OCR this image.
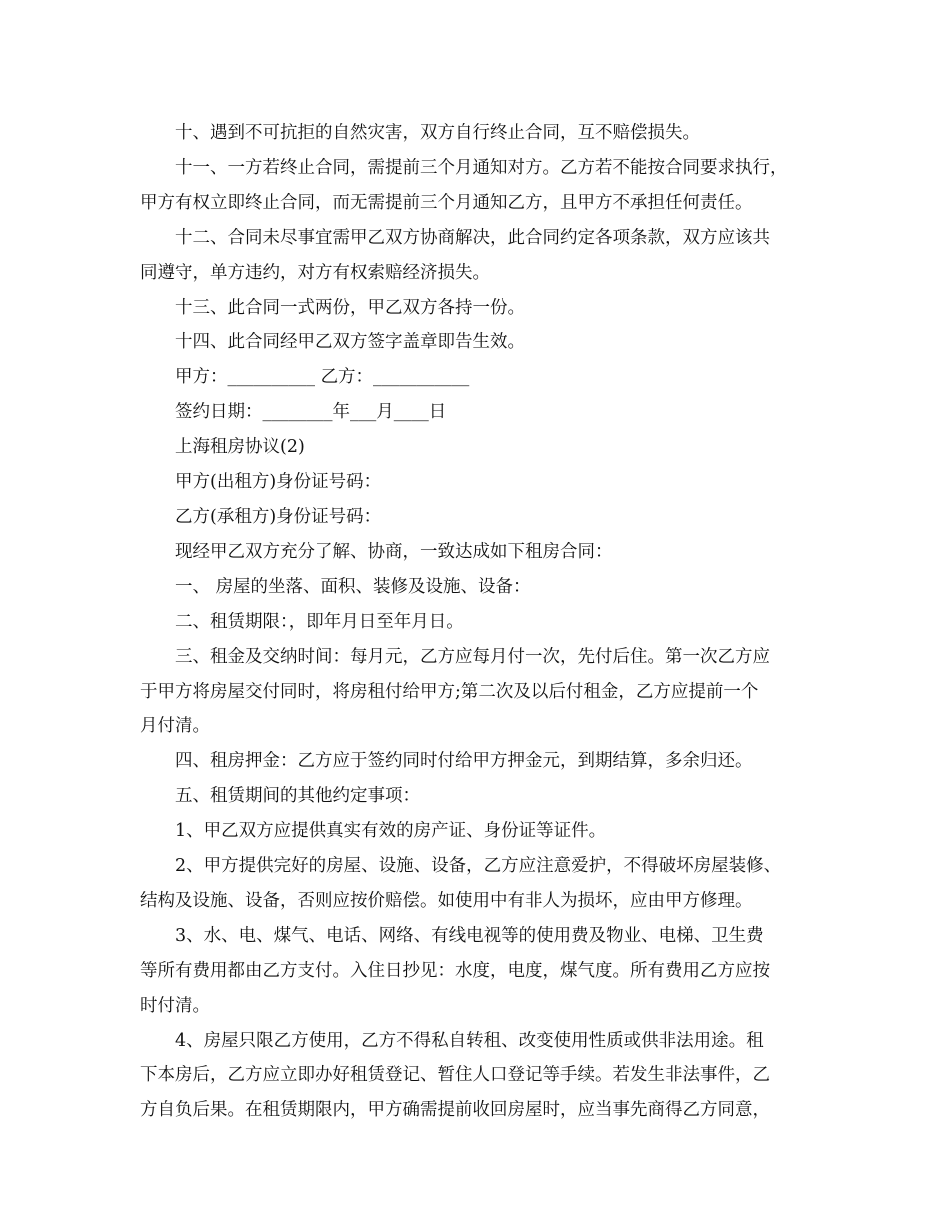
十、遇到不可抗拒的自然灾害，双方自行终止合同，互不赔偿损失。

十一、一方若终止合同，需提前三个月通知对方。乙方若不能按合同要求执行，

甲方有权立即终止合同，而无需提前三个月通知乙方，且甲方不承担任何责任。

十二、合同未尽事宜需甲乙双方协商解决，此合同约定各项条款，双方应该共

同遵守，单方违约，对方有权索赔经济损失。

十三、此合同一式两份，甲乙双方各持一份。

十四、此合同经甲乙双方签字盖章即告生效。

甲方：__________ 乙方：___________

签约日期：________年___月____日

上海租房协议(2)

甲方(出租方)身份证号码：

乙方(承租方)身份证号码：

现经甲乙双方充分了解、协商，一致达成如下租房合同：

一、 房屋的坐落、面积、装修及设施、设备：

二、租赁期限：，即年月日至年月日。

三、租金及交纳时间：每月元，乙方应每月付一次，先付后住。第一次乙方应

于甲方将房屋交付同时，将房租付给甲方;第二次及以后付租金，乙方应提前一个

月付清。

四、租房押金：乙方应于签约同时付给甲方押金元，到期结算，多余归还。

五、租赁期间的其他约定事项：

1、甲乙双方应提供真实有效的房产证、身份证等证件。

2、甲方提供完好的房屋、设施、设备，乙方应注意爱护，不得破坏房屋装修、

结构及设施、设备，否则应按价赔偿。如使用中有非人为损坏，应由甲方修理。

3、水、电、煤气、电话、网络、有线电视等的使用费及物业、电梯、卫生费

等所有费用都由乙方支付。入住日抄见：水度，电度，煤气度。所有费用乙方应按

时付清。

4、房屋只限乙方使用，乙方不得私自转租、改变使用性质或供非法用途。租

下本房后，乙方应立即办好租赁登记、暂住人口登记等手续。若发生非法事件，乙

方自负后果。在租赁期限内，甲方确需提前收回房屋时，应当事先商得乙方同意，
